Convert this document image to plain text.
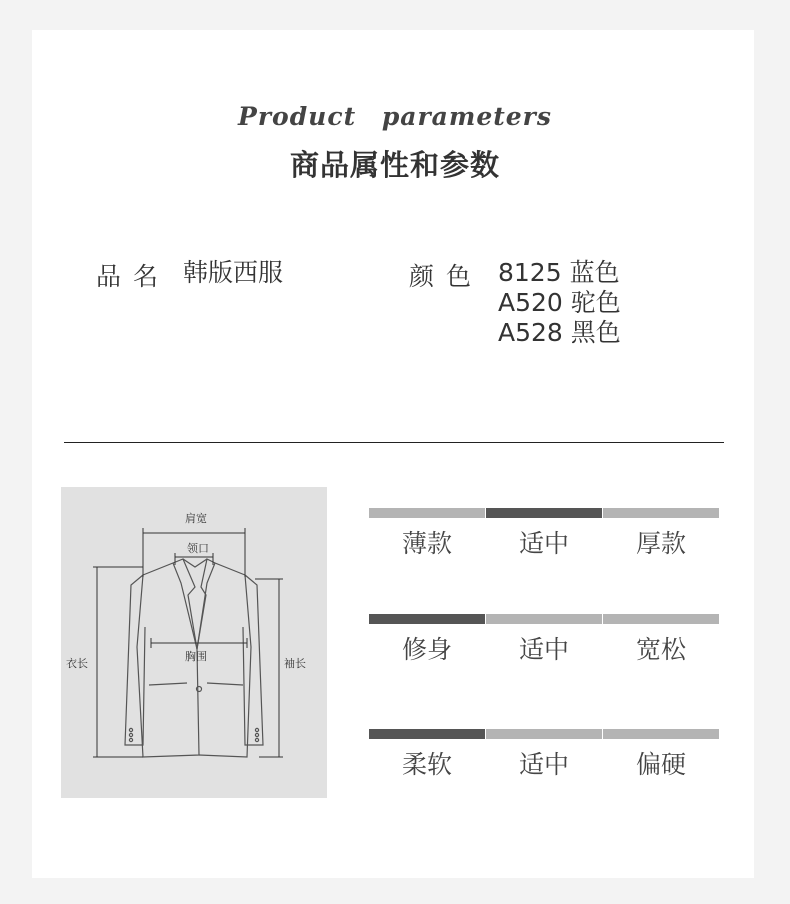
Product parameters
商品属性和参数
品 名 韩版西服	颜 色 8125 蓝色
A520 驼色
A528 黑色
肩宽
领口
胸围
衣长	袖长
薄款	适中	厚款
修身	适中	宽松
柔软	适中	偏硬
